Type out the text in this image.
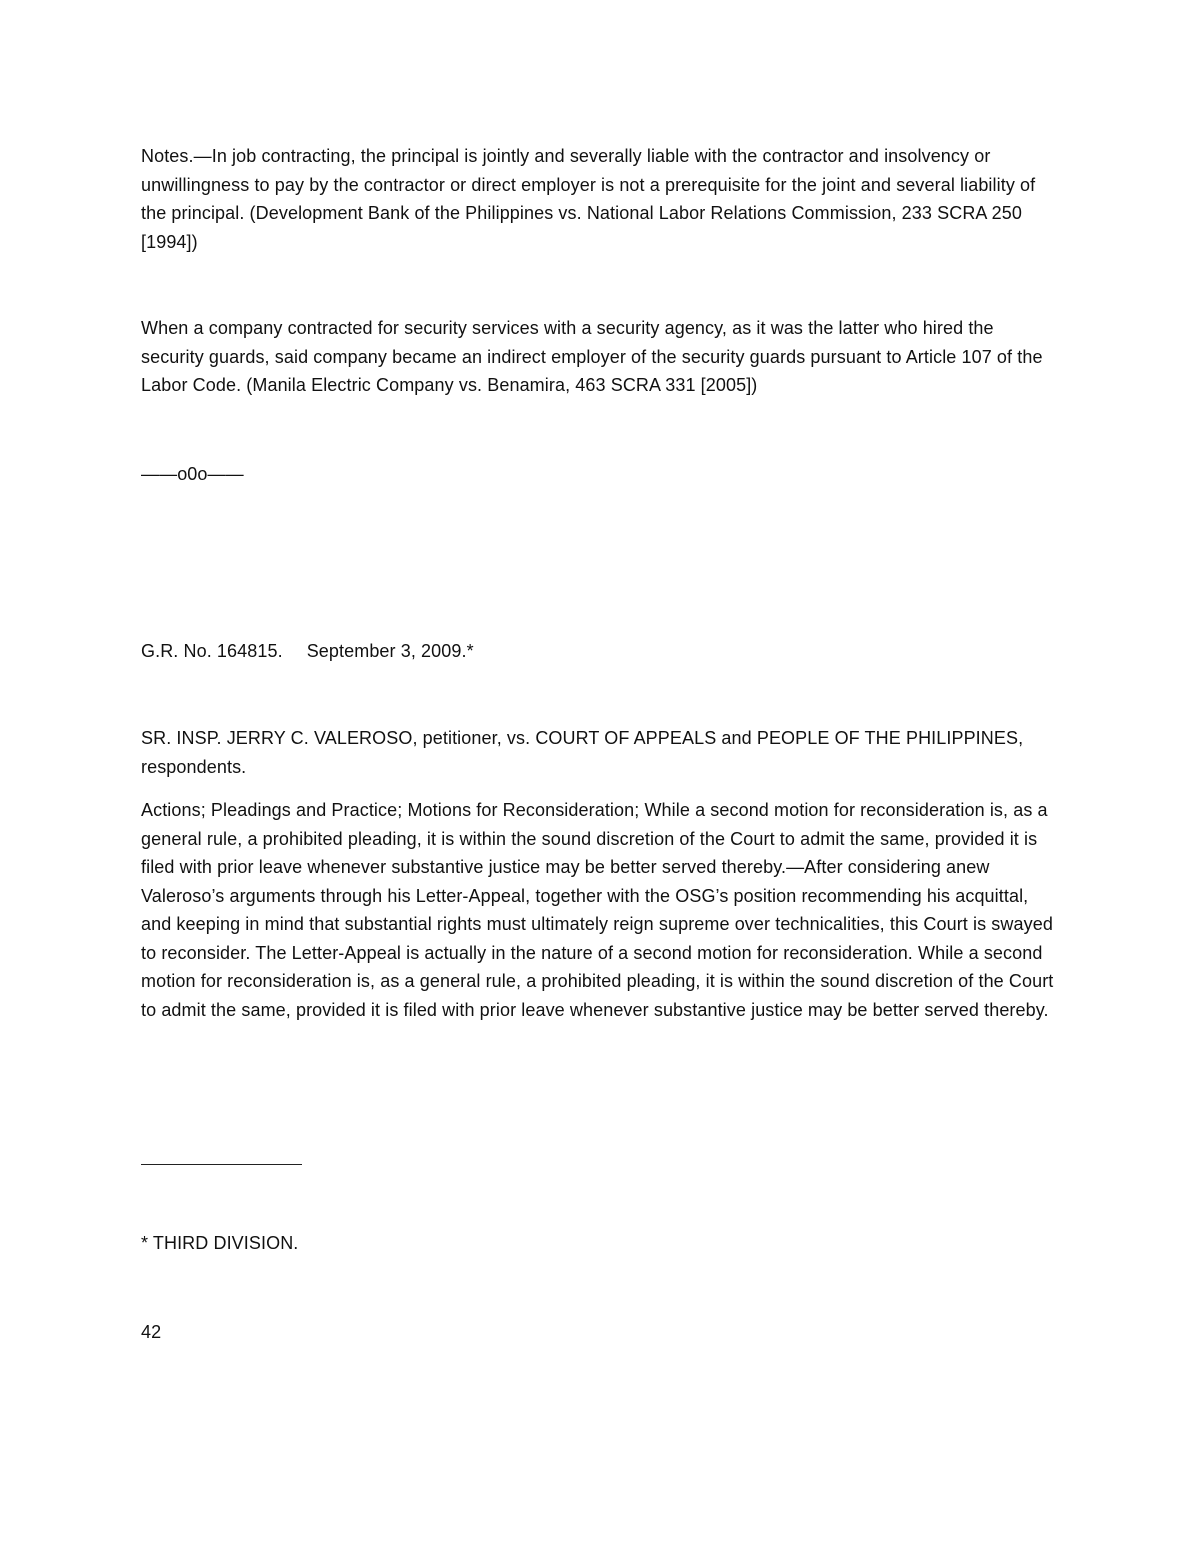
Notes.—In job contracting, the principal is jointly and severally liable with the contractor and insolvency or unwillingness to pay by the contractor or direct employer is not a prerequisite for the joint and several liability of the principal. (Development Bank of the Philippines vs. National Labor Relations Commission, 233 SCRA 250 [1994])

When a company contracted for security services with a security agency, as it was the latter who hired the security guards, said company became an indirect employer of the security guards pursuant to Article 107 of the Labor Code. (Manila Electric Company vs. Benamira, 463 SCRA 331 [2005])

——o0o——

G.R. No. 164815. September 3, 2009.*

SR. INSP. JERRY C. VALEROSO, petitioner, vs. COURT OF APPEALS and PEOPLE OF THE PHILIPPINES, respondents.

Actions; Pleadings and Practice; Motions for Reconsideration; While a second motion for reconsideration is, as a general rule, a prohibited pleading, it is within the sound discretion of the Court to admit the same, provided it is filed with prior leave whenever substantive justice may be better served thereby.—After considering anew Valeroso’s arguments through his Letter-Appeal, together with the OSG’s position recommending his acquittal, and keeping in mind that substantial rights must ultimately reign supreme over technicalities, this Court is swayed to reconsider. The Letter-Appeal is actually in the nature of a second motion for reconsideration. While a second motion for reconsideration is, as a general rule, a prohibited pleading, it is within the sound discretion of the Court to admit the same, provided it is filed with prior leave whenever substantive justice may be better served thereby.

* THIRD DIVISION.

42
